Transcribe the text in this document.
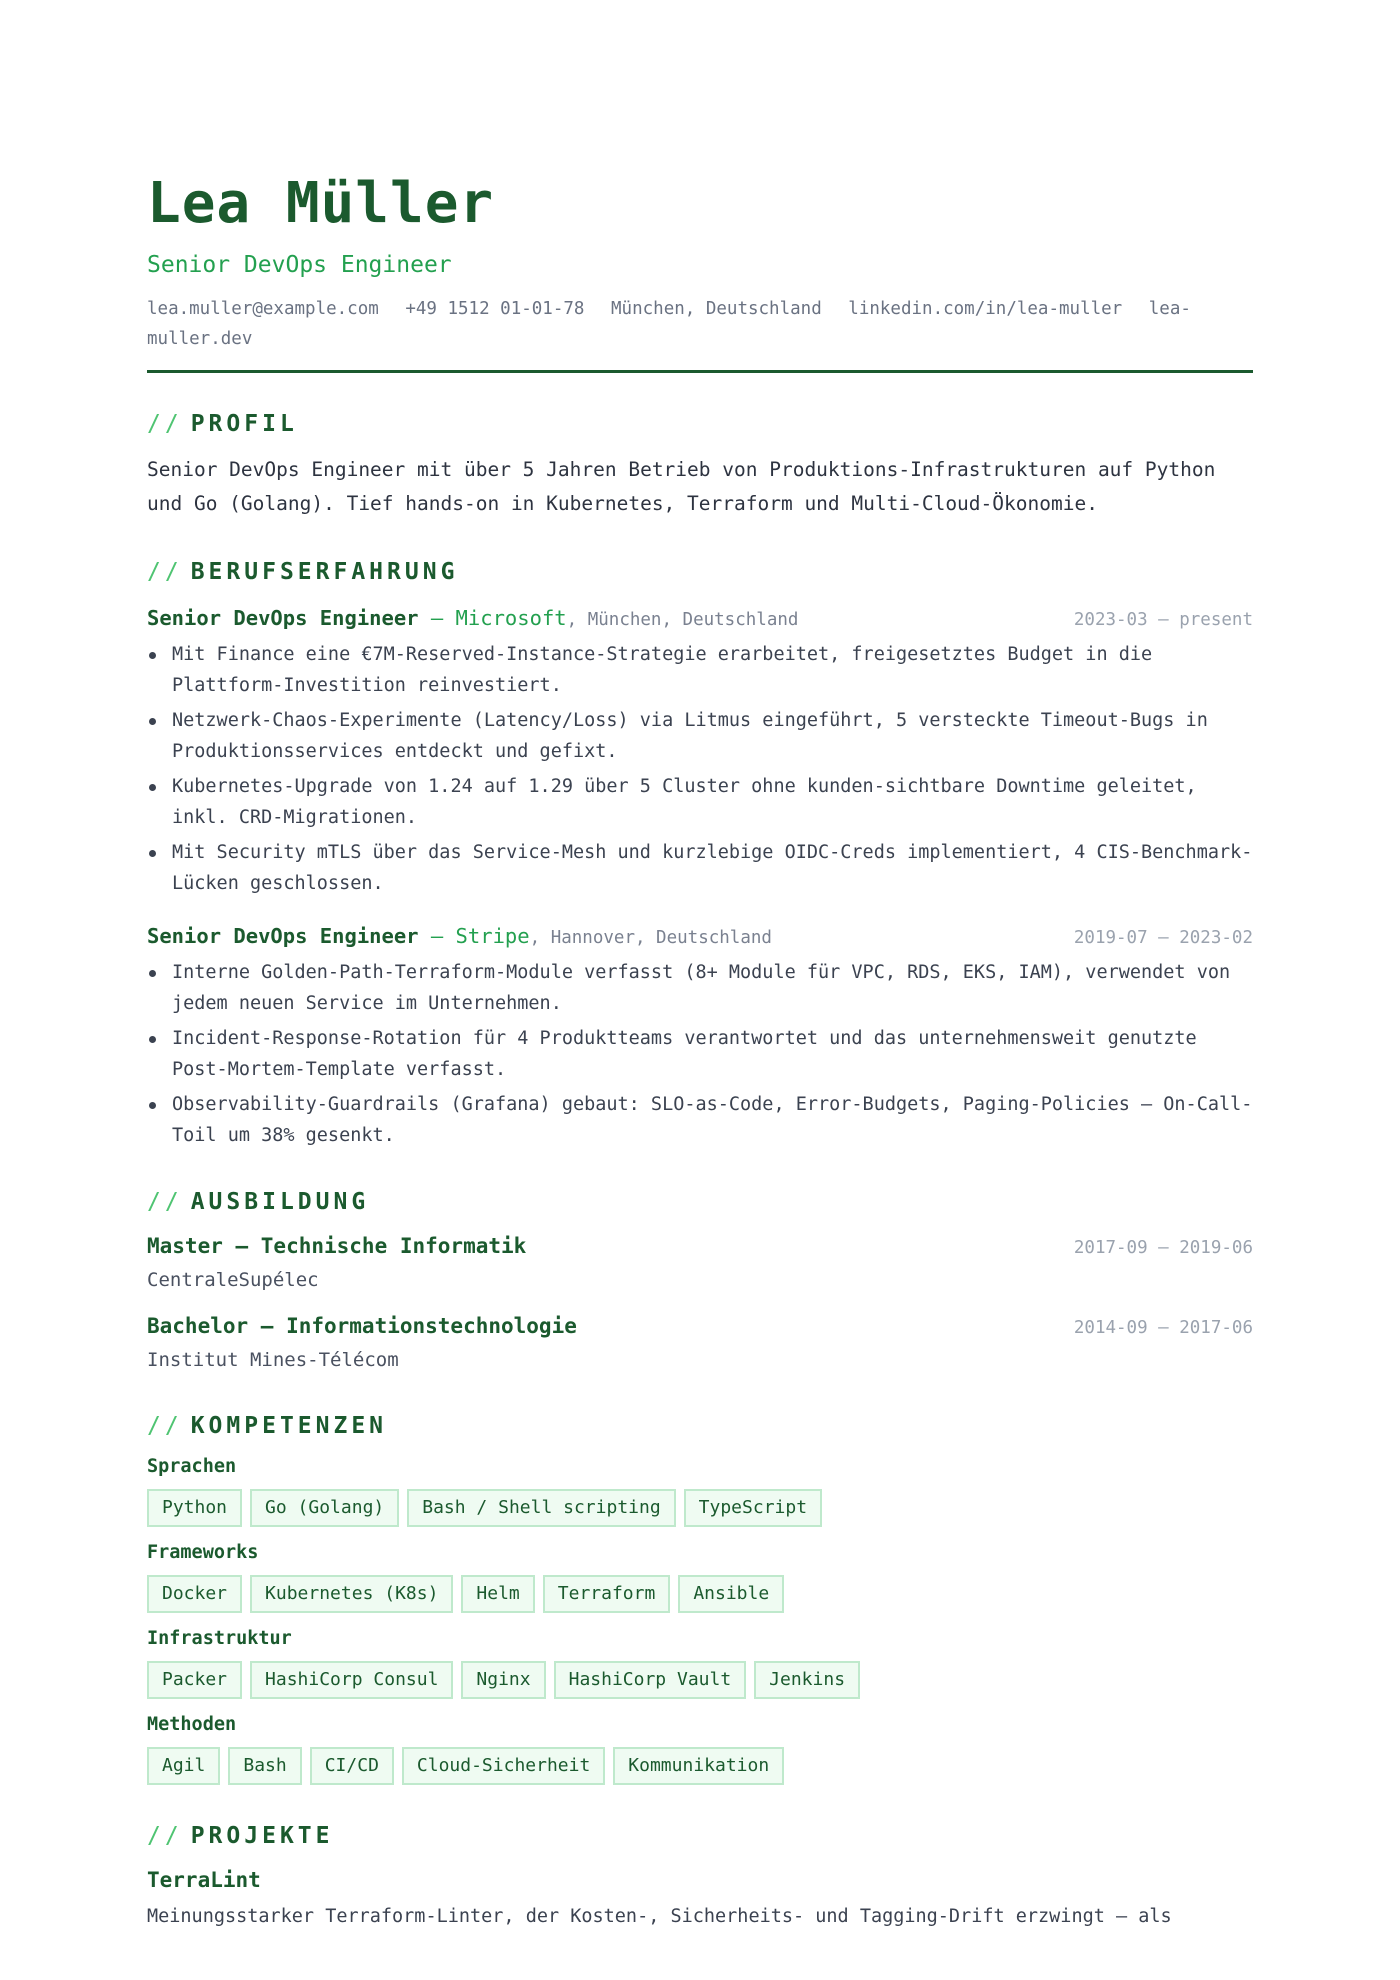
Lea Müller
Senior DevOps Engineer
lea.muller@example.com +49 1512 01-01-78 München, Deutschland linkedin.com/in/lea-muller lea-muller.dev
// PROFIL

Senior DevOps Engineer mit über 5 Jahren Betrieb von Produktions-Infrastrukturen auf Python und Go (Golang). Tief hands-on in Kubernetes, Terraform und Multi-Cloud-Ökonomie.

// BERUFSERFAHRUNG
Senior DevOps Engineer — Microsoft, München, Deutschland	2023-03 – present
Mit Finance eine €7M-Reserved-Instance-Strategie erarbeitet, freigesetztes Budget in die Plattform-Investition reinvestiert.
Netzwerk-Chaos-Experimente (Latency/Loss) via Litmus eingeführt, 5 versteckte Timeout-Bugs in Produktionsservices entdeckt und gefixt.
Kubernetes-Upgrade von 1.24 auf 1.29 über 5 Cluster ohne kunden-sichtbare Downtime geleitet, inkl. CRD-Migrationen.
Mit Security mTLS über das Service-Mesh und kurzlebige OIDC-Creds implementiert, 4 CIS-Benchmark-Lücken geschlossen.
Senior DevOps Engineer — Stripe, Hannover, Deutschland	2019-07 – 2023-02
Interne Golden-Path-Terraform-Module verfasst (8+ Module für VPC, RDS, EKS, IAM), verwendet von jedem neuen Service im Unternehmen.
Incident-Response-Rotation für 4 Produktteams verantwortet und das unternehmensweit genutzte Post-Mortem-Template verfasst.
Observability-Guardrails (Grafana) gebaut: SLO-as-Code, Error-Budgets, Paging-Policies — On-Call-Toil um 38% gesenkt.
// AUSBILDUNG
Master — Technische Informatik	2017-09 – 2019-06
CentraleSupélec
Bachelor — Informationstechnologie	2014-09 – 2017-06
Institut Mines-Télécom
// KOMPETENZEN
Sprachen
Python	Go (Golang)	Bash / Shell scripting	TypeScript
Frameworks
Docker	Kubernetes (K8s)	Helm	Terraform	Ansible
Infrastruktur
Packer	HashiCorp Consul	Nginx	HashiCorp Vault	Jenkins
Methoden
Agil	Bash	CI/CD	Cloud-Sicherheit	Kommunikation
// PROJEKTE
TerraLint
Meinungsstarker Terraform-Linter, der Kosten-, Sicherheits- und Tagging-Drift erzwingt — als
